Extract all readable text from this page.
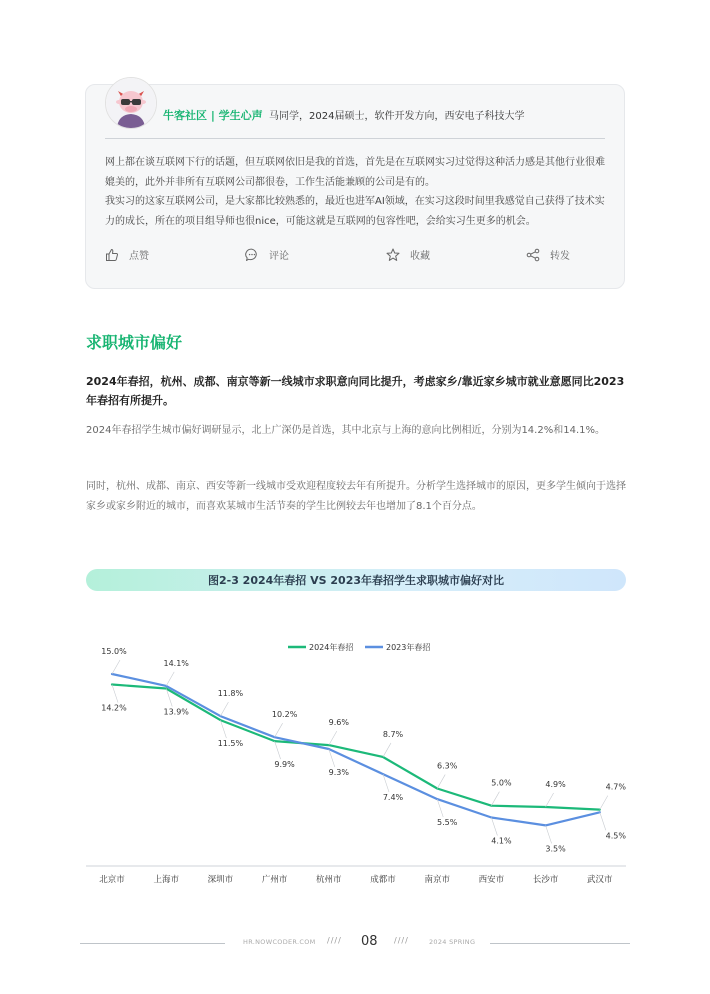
牛客社区 | 学生心声 马同学，2024届硕士，软件开发方向，西安电子科技大学

网上都在谈互联网下行的话题，但互联网依旧是我的首选，首先是在互联网实习过觉得这种活力感是其他行业很难媲美的，此外并非所有互联网公司都很卷，工作生活能兼顾的公司是有的。

我实习的这家互联网公司，是大家都比较熟悉的，最近也进军AI领域，在实习这段时间里我感觉自己获得了技术实力的成长，所在的项目组导师也很nice，可能这就是互联网的包容性吧，会给实习生更多的机会。

点赞	评论	收藏	转发
求职城市偏好
2024年春招，杭州、成都、南京等新一线城市求职意向同比提升，考虑家乡/靠近家乡城市就业意愿同比2023年春招有所提升。
2024年春招学生城市偏好调研显示，北上广深仍是首选，其中北京与上海的意向比例相近，分别为14.2%和14.1%。
同时，杭州、成都、南京、西安等新一线城市受欢迎程度较去年有所提升。分析学生选择城市的原因，更多学生倾向于选择家乡或家乡附近的城市，而喜欢某城市生活节奏的学生比例较去年也增加了8.1个百分点。
图2-3 2024年春招 VS 2023年春招学生求职城市偏好对比
北京市	上海市	深圳市	广州市	杭州市	成都市	南京市	西安市	长沙市	武汉市
2024年春招	2023年春招
14.2%	13.9%
11.5%
9.9%
9.6%
8.7%
6.3%
5.0%	4.9%	4.7%
15.0%
14.1%
11.8%
10.2%
9.3%
7.4%
5.5%
4.1%
3.5%
4.5%
HR.NOWCODER.COM //// 08 ////	2024 SPRING
